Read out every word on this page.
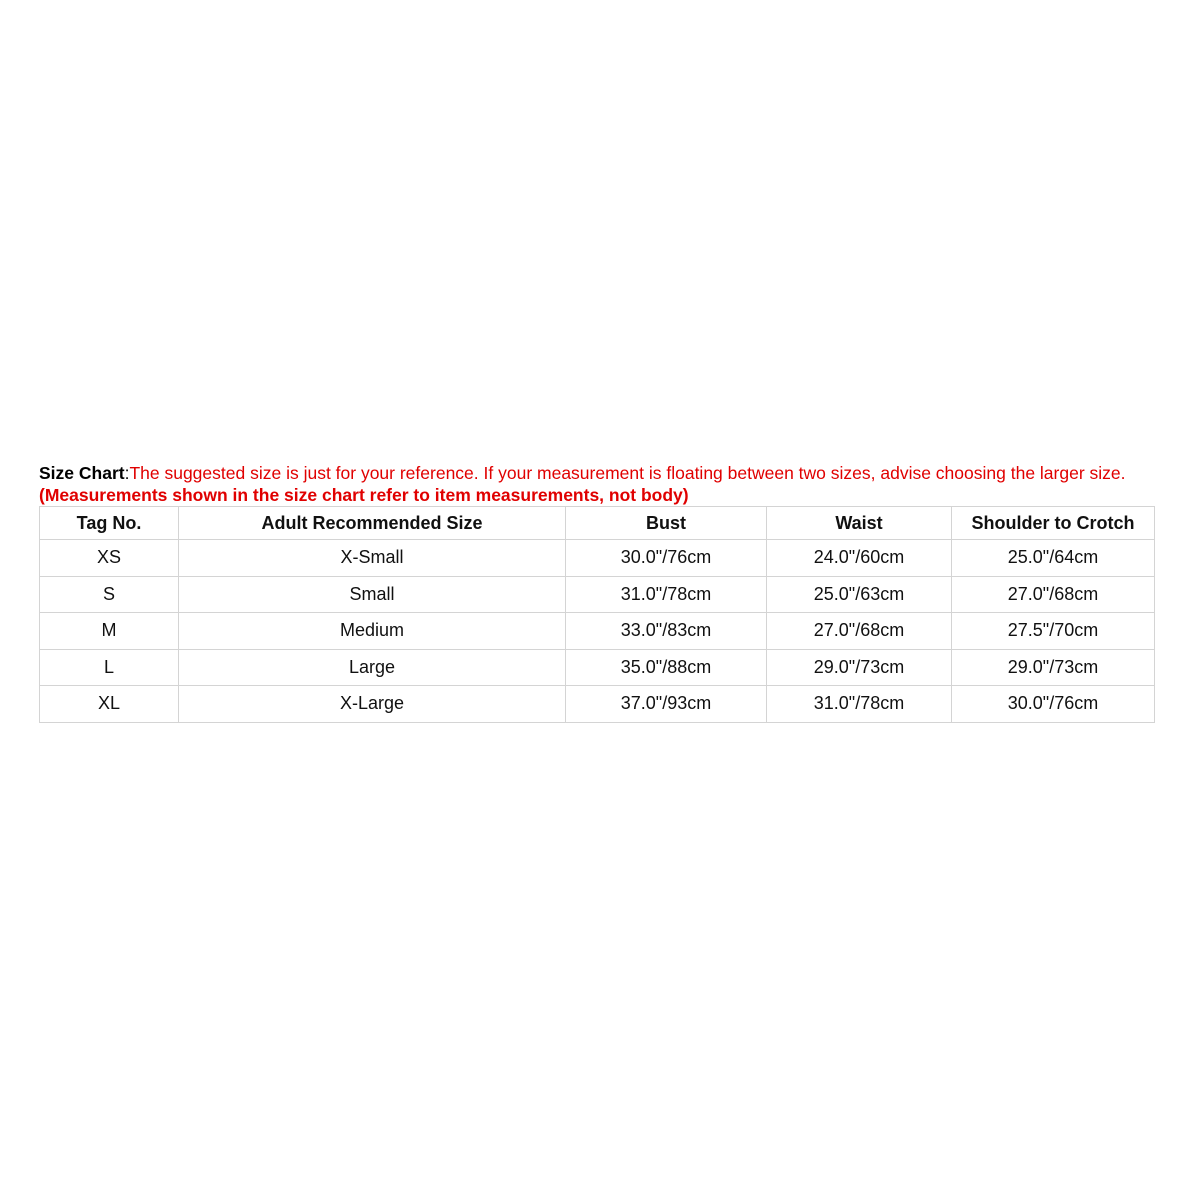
Size Chart:The suggested size is just for your reference. If your measurement is floating between two sizes, advise choosing the larger size. (Measurements shown in the size chart refer to item measurements, not body)
Tag No.	Adult Recommended Size	Bust	Waist	Shoulder to Crotch
XS	X-Small	30.0"/76cm	24.0"/60cm	25.0"/64cm
S	Small	31.0"/78cm	25.0"/63cm	27.0"/68cm
M	Medium	33.0"/83cm	27.0"/68cm	27.5"/70cm
L	Large	35.0"/88cm	29.0"/73cm	29.0"/73cm
XL	X-Large	37.0"/93cm	31.0"/78cm	30.0"/76cm
